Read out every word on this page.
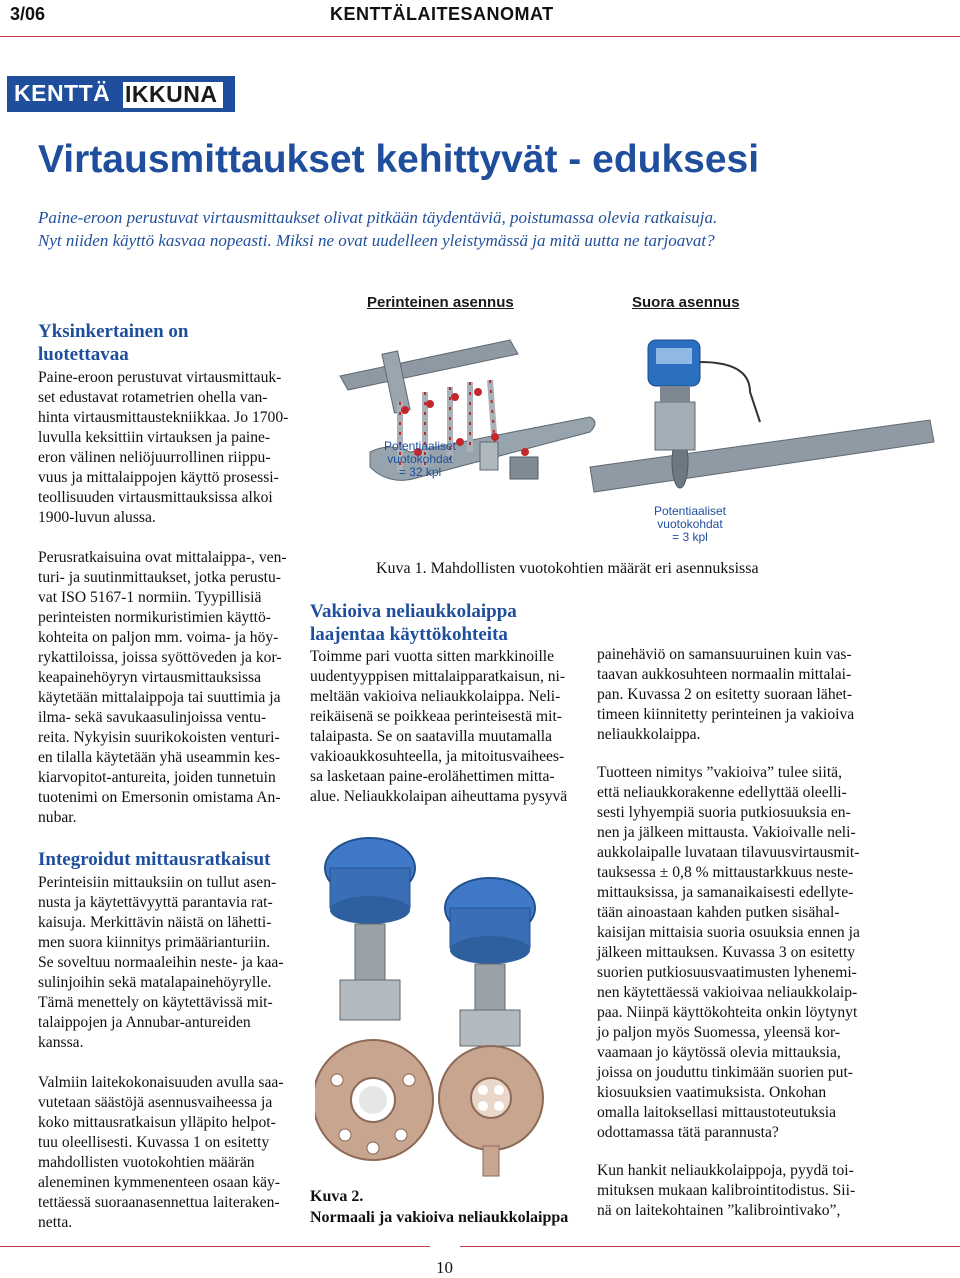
3/06	KENTTÄLAITESANOMAT
KENTTÄ IKKUNA
Virtausmittaukset kehittyvät - eduksesi
Paine-eroon perustuvat virtausmittaukset olivat pitkään täydentäviä, poistumassa olevia ratkaisuja.
Nyt niiden käyttö kasvaa nopeasti. Miksi ne ovat uudelleen yleistymässä ja mitä uutta ne tarjoavat?
Yksinkertainen on
luotettavaa
Paine-eroon perustuvat virtausmittauk-
set edustavat rotametrien ohella van-
hinta virtausmittaustekniikkaa. Jo 1700-
luvulla keksittiin virtauksen ja paine-
eron välinen neliöjuurrollinen riippu-
vuus ja mittalaippojen käyttö prosessi-
teollisuuden virtausmittauksissa alkoi
1900-luvun alussa.
Perusratkaisuina ovat mittalaippa-, ven-
turi- ja suutinmittaukset, jotka perustu-
vat ISO 5167-1 normiin. Tyypillisiä
perinteisten normikuristimien käyttö-
kohteita on paljon mm. voima- ja höy-
rykattiloissa, joissa syöttöveden ja kor-
keapainehöyryn virtausmittauksissa
käytetään mittalaippoja tai suuttimia ja
ilma- sekä savukaasulinjoissa ventu-
reita. Nykyisin suurikokoisten venturi-
en tilalla käytetään yhä useammin kes-
kiarvopitot-antureita, joiden tunnetuin
tuotenimi on Emersonin omistama An-
nubar.
Integroidut mittausratkaisut
Perinteisiin mittauksiin on tullut asen-
nusta ja käytettävyyttä parantavia rat-
kaisuja. Merkittävin näistä on lähetti-
men suora kiinnitys primäärianturiin.
Se soveltuu normaaleihin neste- ja kaa-
sulinjoihin sekä matalapainehöyrylle.
Tämä menettely on käytettävissä mit-
talaippojen ja Annubar-antureiden
kanssa.
Valmiin laitekokonaisuuden avulla saa-
vutetaan säästöjä asennusvaiheessa ja
koko mittausratkaisun ylläpito helpot-
tuu oleellisesti. Kuvassa 1 on esitetty
mahdollisten vuotokohtien määrän
aleneminen kymmenenteen osaan käy-
tettäessä suoraanasennettua laiteraken-
netta.
Perinteinen asennus	Suora asennus
Potentiaaliset
vuotokohdat
= 32 kpl
Potentiaaliset
vuotokohdat
= 3 kpl
Kuva 1. Mahdollisten vuotokohtien määrät eri asennuksissa
Vakioiva neliaukkolaippa
laajentaa käyttökohteita
Toimme pari vuotta sitten markkinoille
uudentyyppisen mittalaipparatkaisun, ni-
meltään vakioiva neliaukkolaippa. Neli-
reikäisenä se poikkeaa perinteisestä mit-
talaipasta. Se on saatavilla muutamalla
vakioaukkosuhteella, ja mitoitusvaihees-
sa lasketaan paine-erolähettimen mitta-
alue. Neliaukkolaipan aiheuttama pysyvä
Kuva 2.
Normaali ja vakioiva neliaukkolaippa
painehäviö on samansuuruinen kuin vas-
taavan aukkosuhteen normaalin mittalai-
pan. Kuvassa 2 on esitetty suoraan lähet-
timeen kiinnitetty perinteinen ja vakioiva
neliaukkolaippa.
Tuotteen nimitys ”vakioiva” tulee siitä,
että neliaukkorakenne edellyttää oleelli-
sesti lyhyempiä suoria putkiosuuksia en-
nen ja jälkeen mittausta. Vakioivalle neli-
aukkolaipalle luvataan tilavuusvirtausmit-
tauksessa ± 0,8 % mittaustarkkuus neste-
mittauksissa, ja samanaikaisesti edellyte-
tään ainoastaan kahden putken sisähal-
kaisijan mittaisia suoria osuuksia ennen ja
jälkeen mittauksen. Kuvassa 3 on esitetty
suorien putkiosuusvaatimusten lyhenemi-
nen käytettäessä vakioivaa neliaukkolaip-
paa. Niinpä käyttökohteita onkin löytynyt
jo paljon myös Suomessa, yleensä kor-
vaamaan jo käytössä olevia mittauksia,
joissa on jouduttu tinkimään suorien put-
kiosuuksien vaatimuksista. Onkohan
omalla laitoksellasi mittaustoteutuksia
odottamassa tätä parannusta?
Kun hankit neliaukkolaippoja, pyydä toi-
mituksen mukaan kalibrointitodistus. Sii-
nä on laitekohtainen ”kalibrointivako”,
10
